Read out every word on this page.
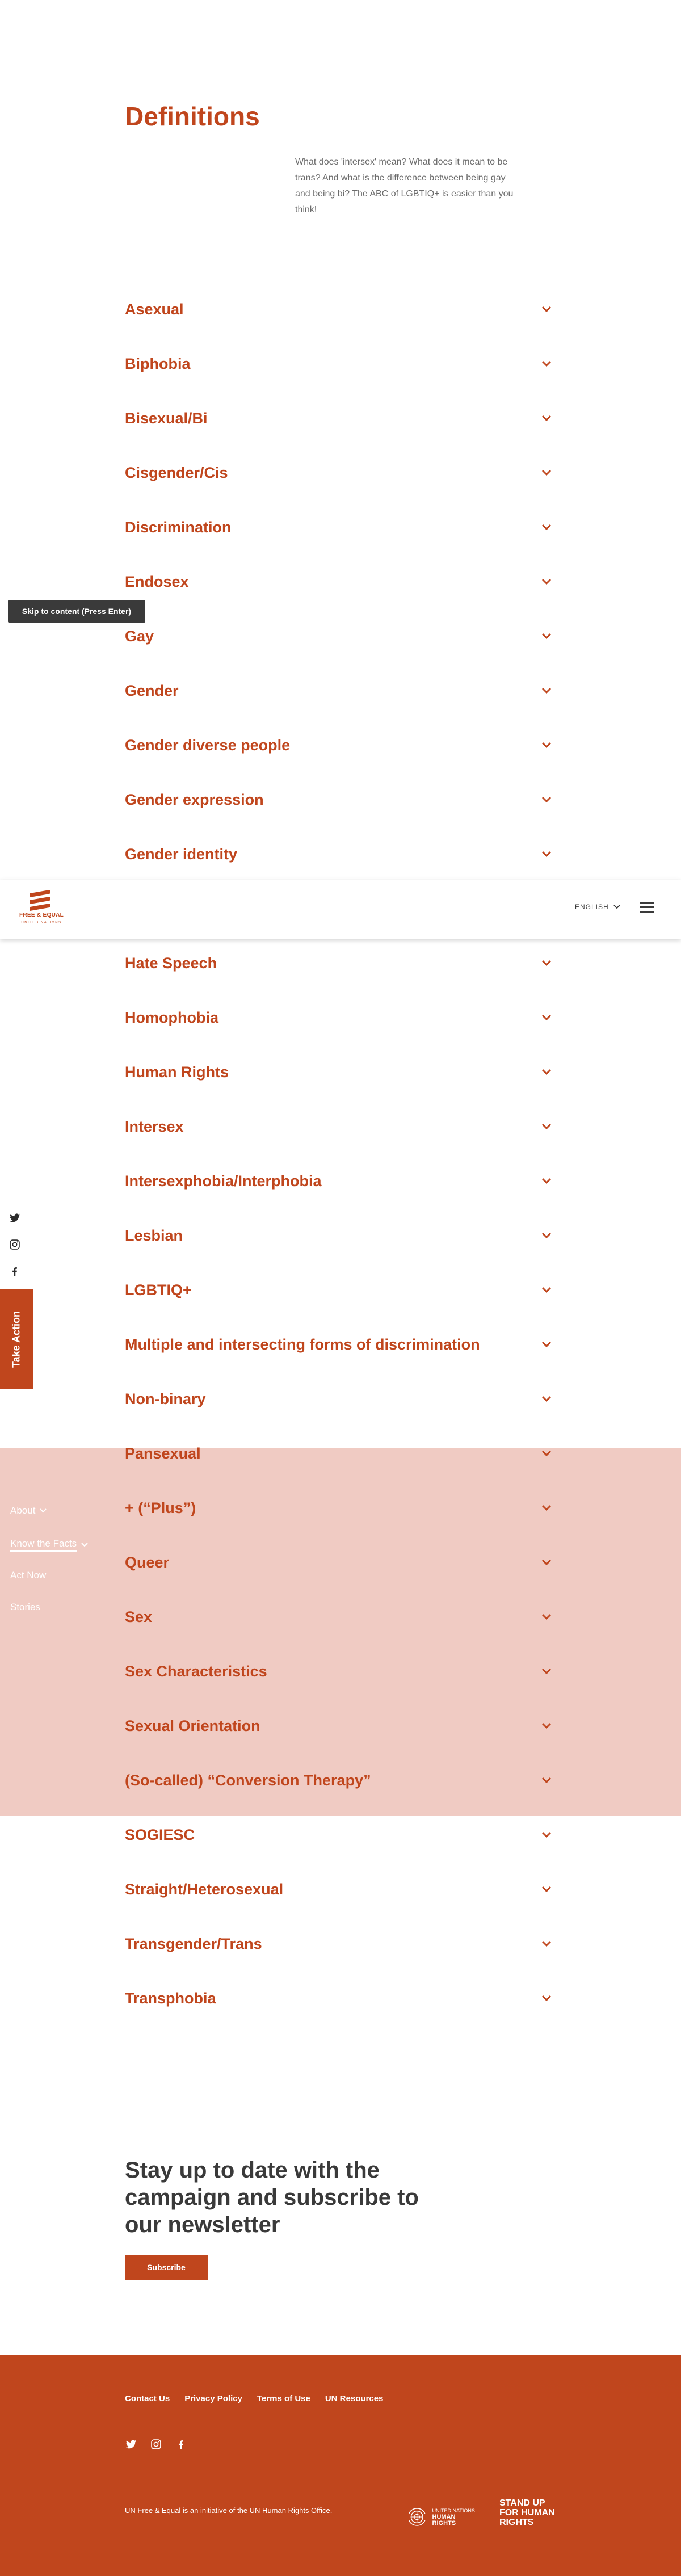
Definitions

What does 'intersex' mean? What does it mean to be trans? And what is the difference between being gay and being bi? The ABC of LGBTIQ+ is easier than you think!

Asexual
Biphobia
Bisexual/Bi
Cisgender/Cis
Discrimination
Endosex
Gay
Gender
Gender diverse people
Gender expression
Gender identity
Hate Speech
Homophobia
Human Rights
Intersex
Intersexphobia/Interphobia
Lesbian
LGBTIQ+
Multiple and intersecting forms of discrimination
Non-binary
Pansexual
+ (“Plus”)
Queer
Sex
Sex Characteristics
Sexual Orientation
(So-called) “Conversion Therapy”
SOGIESC
Straight/Heterosexual
Transgender/Trans
Transphobia
Skip to content (Press Enter)
FREE & EQUAL
UNITED NATIONS
ENGLISH
Take Action
About
Know the Facts
Act Now
Stories
Stay up to date with the campaign and subscribe to our newsletter
Subscribe
Contact Us Privacy Policy Terms of Use UN Resources

UN Free & Equal is an initiative of the UN Human Rights Office.	UNITED NATIONS
HUMAN RIGHTS
STAND UP FOR HUMAN RIGHTS
